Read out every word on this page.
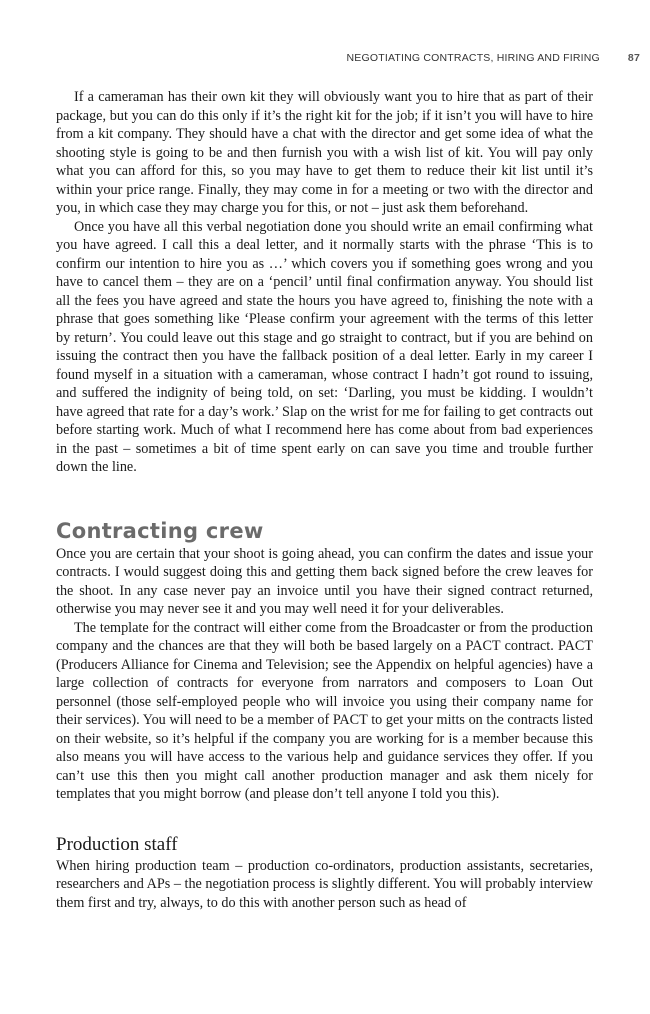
NEGOTIATING CONTRACTS, HIRING AND FIRING	87

If a cameraman has their own kit they will obviously want you to hire that as part of their package, but you can do this only if it’s the right kit for the job; if it isn’t you will have to hire from a kit company. They should have a chat with the director and get some idea of what the shooting style is going to be and then furnish you with a wish list of kit. You will pay only what you can afford for this, so you may have to get them to reduce their kit list until it’s within your price range. Finally, they may come in for a meeting or two with the director and you, in which case they may charge you for this, or not – just ask them beforehand.

Once you have all this verbal negotiation done you should write an email confirming what you have agreed. I call this a deal letter, and it normally starts with the phrase ‘This is to confirm our intention to hire you as …’ which covers you if something goes wrong and you have to cancel them – they are on a ‘pencil’ until final confirmation anyway. You should list all the fees you have agreed and state the hours you have agreed to, finishing the note with a phrase that goes something like ‘Please confirm your agreement with the terms of this letter by return’. You could leave out this stage and go straight to contract, but if you are behind on issuing the contract then you have the fallback position of a deal letter. Early in my career I found myself in a situation with a cameraman, whose contract I hadn’t got round to issuing, and suffered the indignity of being told, on set: ‘Darling, you must be kidding. I wouldn’t have agreed that rate for a day’s work.’ Slap on the wrist for me for failing to get contracts out before starting work. Much of what I recommend here has come about from bad experiences in the past – sometimes a bit of time spent early on can save you time and trouble further down the line.

Contracting crew

Once you are certain that your shoot is going ahead, you can confirm the dates and issue your contracts. I would suggest doing this and getting them back signed before the crew leaves for the shoot. In any case never pay an invoice until you have their signed contract returned, otherwise you may never see it and you may well need it for your deliverables.

The template for the contract will either come from the Broadcaster or from the production company and the chances are that they will both be based largely on a PACT contract. PACT (Producers Alliance for Cinema and Television; see the Appendix on helpful agencies) have a large collection of contracts for everyone from narrators and composers to Loan Out personnel (those self-employed people who will invoice you using their company name for their services). You will need to be a member of PACT to get your mitts on the contracts listed on their website, so it’s helpful if the company you are working for is a member because this also means you will have access to the various help and guidance services they offer. If you can’t use this then you might call another production manager and ask them nicely for templates that you might borrow (and please don’t tell anyone I told you this).

Production staff

When hiring production team – production co-ordinators, production assistants, secretaries, researchers and APs – the negotiation process is slightly different. You will probably interview them first and try, always, to do this with another person such as head of
